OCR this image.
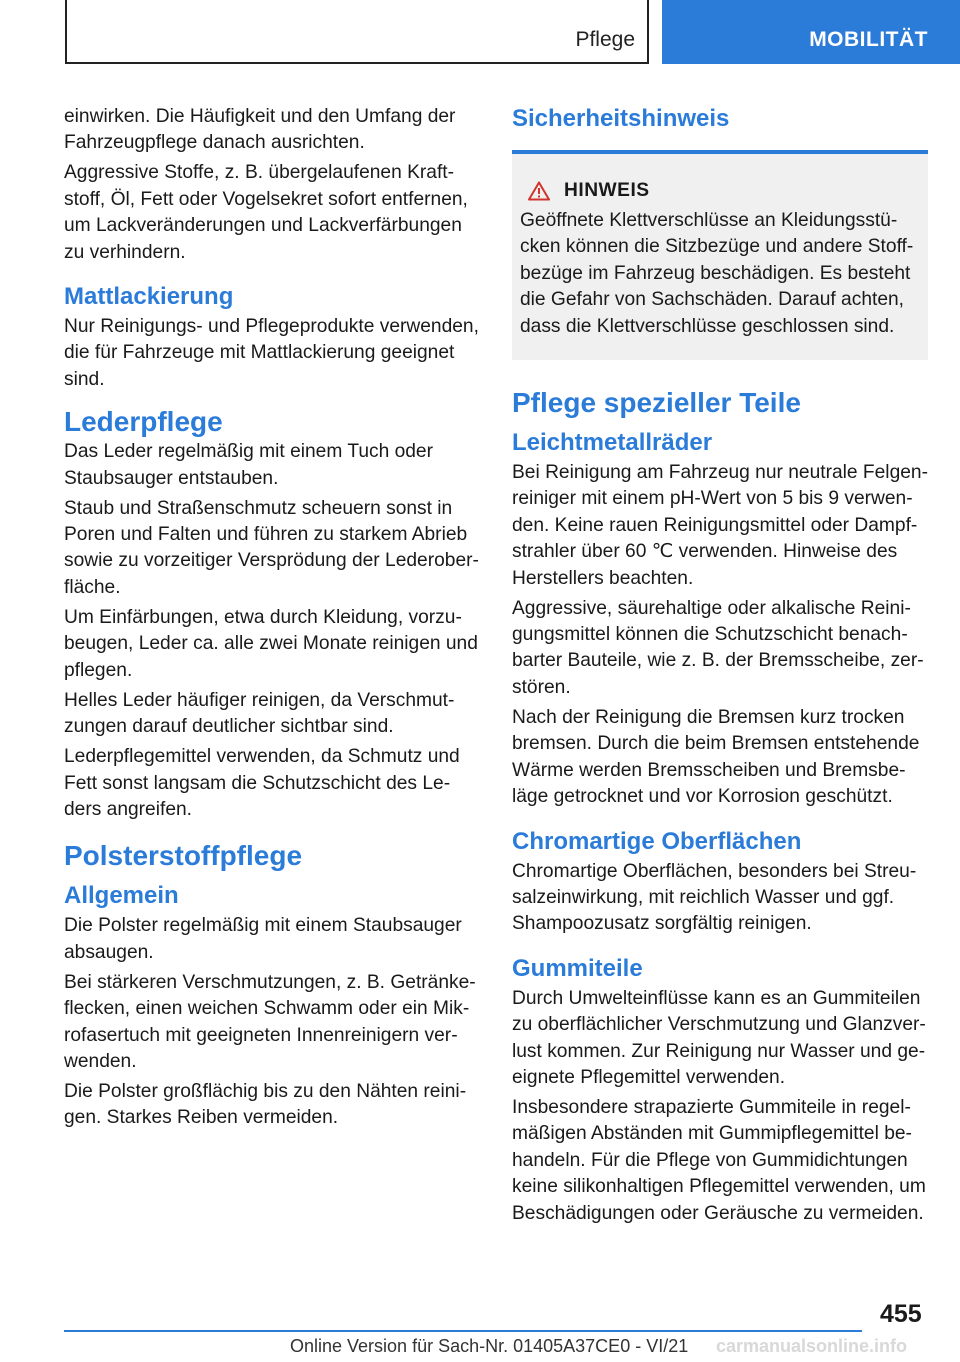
Pflege	MOBILITÄT

einwirken. Die Häufigkeit und den Umfang der Fahrzeugpflege danach ausrichten.

Aggressive Stoffe, z. B. übergelaufenen Kraftstoff, Öl, Fett oder Vogelsekret sofort entfernen, um Lackveränderungen und Lackverfärbungen zu verhindern.

Mattlackierung

Nur Reinigungs- und Pflegeprodukte verwenden, die für Fahrzeuge mit Mattlackierung geeignet sind.

Lederpflege

Das Leder regelmäßig mit einem Tuch oder Staubsauger entstauben.

Staub und Straßenschmutz scheuern sonst in Poren und Falten und führen zu starkem Abrieb sowie zu vorzeitiger Versprödung der Lederoberfläche.

Um Einfärbungen, etwa durch Kleidung, vorzubeugen, Leder ca. alle zwei Monate reinigen und pflegen.

Helles Leder häufiger reinigen, da Verschmutzungen darauf deutlicher sichtbar sind.

Lederpflegemittel verwenden, da Schmutz und Fett sonst langsam die Schutzschicht des Leders angreifen.

Polsterstoffpflege
Allgemein

Die Polster regelmäßig mit einem Staubsauger absaugen.

Bei stärkeren Verschmutzungen, z. B. Getränkeflecken, einen weichen Schwamm oder ein Mikrofasertuch mit geeigneten Innenreinigern verwenden.

Die Polster großflächig bis zu den Nähten reinigen. Starkes Reiben vermeiden.

Sicherheitshinweis
HINWEIS

Geöffnete Klettverschlüsse an Kleidungsstücken können die Sitzbezüge und andere Stoffbezüge im Fahrzeug beschädigen. Es besteht die Gefahr von Sachschäden. Darauf achten, dass die Klettverschlüsse geschlossen sind.

Pflege spezieller Teile
Leichtmetallräder

Bei Reinigung am Fahrzeug nur neutrale Felgenreiniger mit einem pH-Wert von 5 bis 9 verwenden. Keine rauen Reinigungsmittel oder Dampfstrahler über 60 ℃ verwenden. Hinweise des Herstellers beachten.

Aggressive, säurehaltige oder alkalische Reinigungsmittel können die Schutzschicht benachbarter Bauteile, wie z. B. der Bremsscheibe, zerstören.

Nach der Reinigung die Bremsen kurz trocken bremsen. Durch die beim Bremsen entstehende Wärme werden Bremsscheiben und Bremsbeläge getrocknet und vor Korrosion geschützt.

Chromartige Oberflächen

Chromartige Oberflächen, besonders bei Streusalzeinwirkung, mit reichlich Wasser und ggf. Shampoozusatz sorgfältig reinigen.

Gummiteile

Durch Umwelteinflüsse kann es an Gummiteilen zu oberflächlicher Verschmutzung und Glanzverlust kommen. Zur Reinigung nur Wasser und geeignete Pflegemittel verwenden.

Insbesondere strapazierte Gummiteile in regelmäßigen Abständen mit Gummipflegemittel behandeln. Für die Pflege von Gummidichtungen keine silikonhaltigen Pflegemittel verwenden, um Beschädigungen oder Geräusche zu vermeiden.

455
carmanualsonline.info
Online Version für Sach-Nr. 01405A37CE0 - VI/21
